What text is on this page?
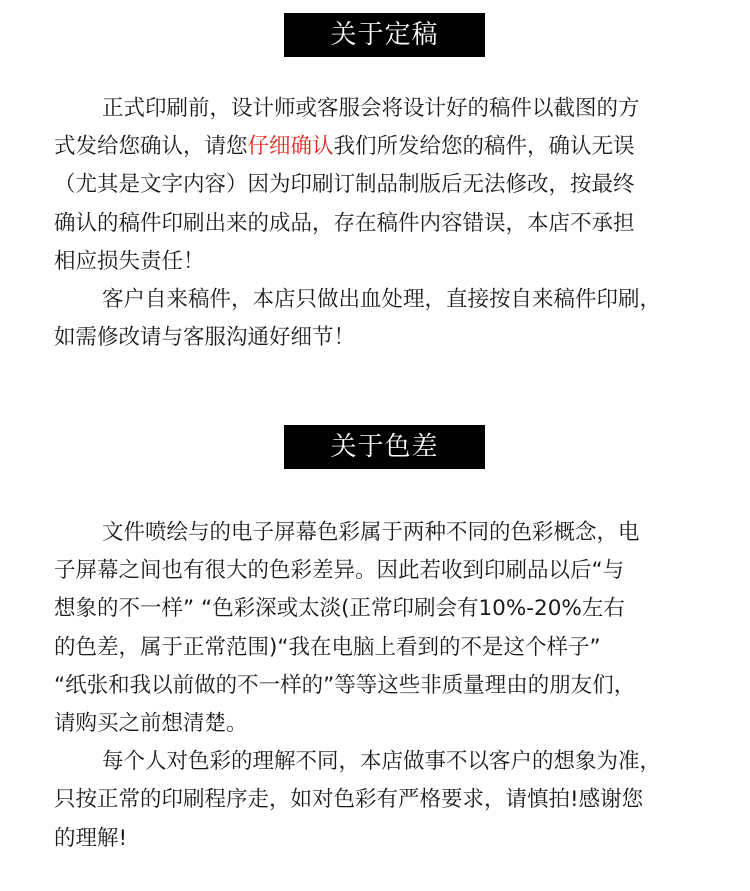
关于定稿

正式印刷前，设计师或客服会将设计好的稿件以截图的方

式发给您确认，请您仔细确认我们所发给您的稿件，确认无误

（尤其是文字内容）因为印刷订制品制版后无法修改，按最终

确认的稿件印刷出来的成品，存在稿件内容错误，本店不承担

相应损失责任！

客户自来稿件，本店只做出血处理，直接按自来稿件印刷，

如需修改请与客服沟通好细节！

关于色差

文件喷绘与的电子屏幕色彩属于两种不同的色彩概念，电

子屏幕之间也有很大的色彩差异。因此若收到印刷品以后“与

想象的不一样” “色彩深或太淡(正常印刷会有10%-20%左右

的色差，属于正常范围)“我在电脑上看到的不是这个样子”

“纸张和我以前做的不一样的”等等这些非质量理由的朋友们，

请购买之前想清楚。

每个人对色彩的理解不同，本店做事不以客户的想象为准，

只按正常的印刷程序走，如对色彩有严格要求，请慎拍!感谢您

的理解!
